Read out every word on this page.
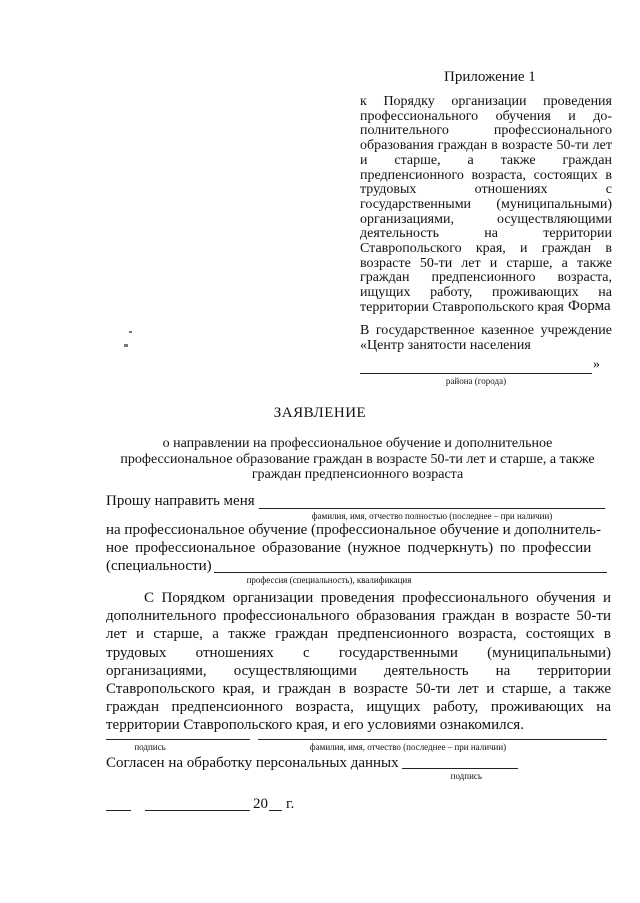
Приложение 1
к Порядку организации проведения профессионального обучения и дополнительного профессионального образования граждан в возрасте 50-ти лет и старше, а также граждан предпенсионного возраста, состоящих в трудовых отношениях с государственными (муниципальными) организациями, осуществляющими деятельность на территории Ставропольского края, и граждан в возрасте 50-ти лет и старше, а также граждан предпенсионного возраста, ищущих работу, проживающих на территории Ставропольского края Форма
В государственное казенное учреждение «Центр занятости населения
»
района (города)
ЗАЯВЛЕНИЕ
о направлении на профессиональное обучение и дополнительное профессиональное образование граждан в возрасте 50-ти лет и старше, а также граждан предпенсионного возраста
Прошу направить меня
фамилия, имя, отчество полностью (последнее – при наличии)
на профессиональное обучение (профессиональное обучение и дополнитель-
ное профессиональное образование (нужное подчеркнуть) по профессии
(специальности)
профессия (специальность), квалификация
С Порядком организации проведения профессионального обучения и дополнительного профессионального образования граждан в возрасте 50-ти лет и старше, а также граждан предпенсионного возраста, состоящих в трудовых отношениях с государственными (муниципальными) организациями, осуществляющими деятельность на территории Ставропольского края, и граждан в возрасте 50-ти лет и старше, а также граждан предпенсионного возраста, ищущих работу, проживающих на территории Ставропольского края, и его условиями ознакомился.
подпись	фамилия, имя, отчество (последнее – при наличии)
Согласен на обработку персональных данных
подпись
20 г.
